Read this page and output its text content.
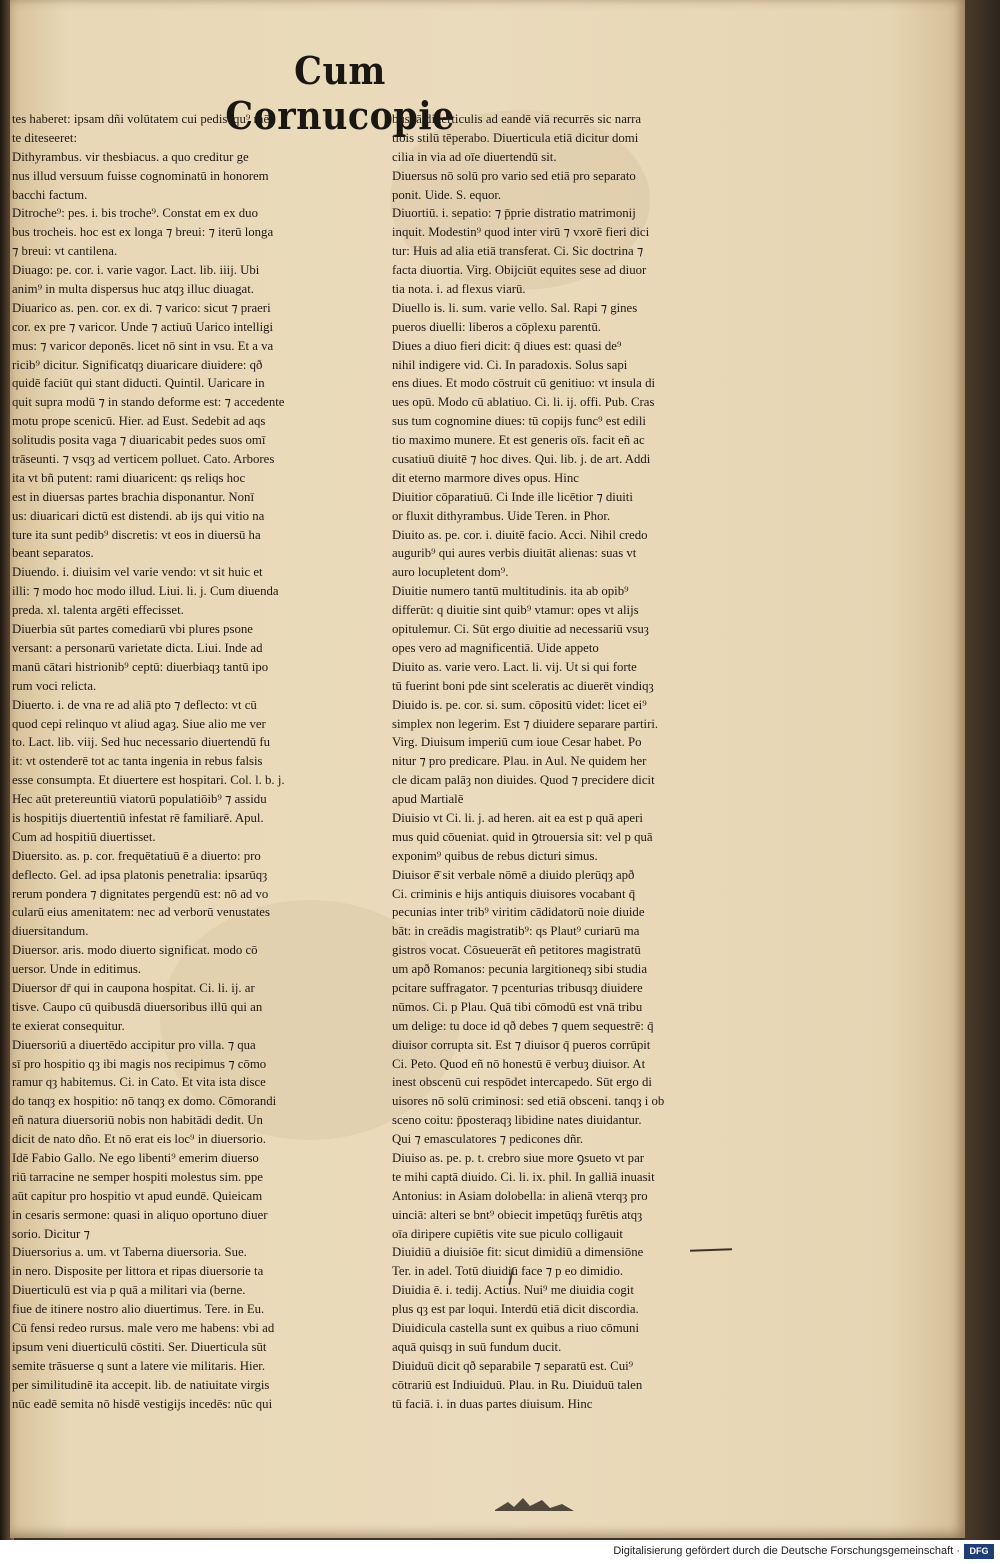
Cum Cornucopie
tes haberet: ipsam dñi volūtatem cui pedisequ⁹ mē
te diteseeret:
Dithyrambus. vir thesbiacus. a quo creditur ge
nus illud versuum fuisse cognominatū in honorem
bacchi factum.
Ditroche⁹: pes. i. bis troche⁹. Constat em ex duo
bus trocheis. hoc est ex longa ⁊ breui: ⁊ iterū longa
⁊ breui: vt cantilena.
Diuago: pe. cor. i. varie vagor. Lact. lib. iiij. Ubi
anim⁹ in multa dispersus huc atqȝ illuc diuagat.
Diuarico as. pen. cor. ex di. ⁊ varico: sicut ⁊ praeri
cor. ex pre ⁊ varicor. Unde ⁊ actiuū Uarico intelligi
mus: ⁊ varicor deponēs. licet nō sint in vsu. Et a va
ricib⁹ dicitur. Significatqȝ diuaricare diuidere: qð
quidē faciūt qui stant diducti. Quintil. Uaricare in
quit supra modū ⁊ in stando deforme est: ⁊ accedente
motu prope scenicū. Hier. ad Eust. Sedebit ad aqs
solitudis posita vaga ⁊ diuaricabit pedes suos omī
trāseunti. ⁊ vsqȝ ad verticem polluet. Cato. Arbores
ita vt bñ putent: rami diuaricent: qs reliqs hoc
est in diuersas partes brachia disponantur. Nonī
us: diuaricari dictū est distendi. ab ijs qui vitio na
ture ita sunt pedib⁹ discretis: vt eos in diuersū ha
beant separatos.
Diuendo. i. diuisim vel varie vendo: vt sit huic et
illi: ⁊ modo hoc modo illud. Liui. li. j. Cum diuenda
preda. xl. talenta argēti effecisset.
Diuerbia sūt partes comediarū vbi plures psone
versant: a personarū varietate dicta. Liui. Inde ad
manū cātari histrionib⁹ ceptū: diuerbiaqȝ tantū ipo
rum voci relicta.
Diuerto. i. de vna re ad aliā pto ⁊ deflecto: vt cū
quod cepi relinquo vt aliud agaȝ. Siue alio me ver
to. Lact. lib. viij. Sed huc necessario diuertendū fu
it: vt ostenderē tot ac tanta ingenia in rebus falsis
esse consumpta. Et diuertere est hospitari. Col. l. b. j.
Hec aūt pretereuntiū viatorū populatiōib⁹ ⁊ assidu
is hospitijs diuertentiū infestat rē familiarē. Apul.
Cum ad hospitiū diuertisset.
Diuersito. as. p. cor. frequētatiuū ē a diuerto: pro
deflecto. Gel. ad ipsa platonis penetralia: ipsarūqȝ
rerum pondera ⁊ dignitates pergendū est: nō ad vo
cularū eius amenitatem: nec ad verborū venustates
diuersitandum.
Diuersor. aris. modo diuerto significat. modo cō
uersor. Unde in editimus.
Diuersor dr̄ qui in caupona hospitat. Ci. li. ij. ar
tisve. Caupo cū quibusdā diuersoribus illū qui an
te exierat consequitur.
Diuersoriū a diuertēdo accipitur pro villa. ⁊ qua
sī pro hospitio qȝ ibi magis nos recipimus ⁊ cōmo
ramur qȝ habitemus. Ci. in Cato. Et vita ista disce
do tanqȝ ex hospitio: nō tanqȝ ex domo. Cōmorandi
eñ natura diuersoriū nobis non habitādi dedit. Un
dicit de nato dño. Et nō erat eis loc⁹ in diuersorio.
Idē Fabio Gallo. Ne ego libenti⁹ emerim diuerso
riū tarracine ne semper hospiti molestus sim. ppe
aūt capitur pro hospitio vt apud eundē. Quieicam
in cesaris sermone: quasi in aliquo oportuno diuer
sorio. Dicitur ⁊
Diuersorius a. um. vt Taberna diuersoria. Sue.
in nero. Disposite per littora et ripas diuersorie ta
Diuerticulū est via p quā a militari via (berne.
fiue de itinere nostro alio diuertimus. Tere. in Eu.
Cū fensi redeo rursus. male vero me habens: vbi ad
ipsum veni diuerticulū cōstiti. Ser. Diuerticula sūt
semite trāsuerse q sunt a latere vie militaris. Hier.
per similitudinē ita accepit. lib. de natiuitate virgis
nūc eadē semita nō hisdē vestigijs incedēs: nūc qui
busdā diuerticulis ad eandē viā recurrēs sic narra
tiōis stilū tēperabo. Diuerticula etiā dicitur domi
cilia in via ad oīe diuertendū sit.
Diuersus nō solū pro vario sed etiā pro separato
ponit. Uide. S. equor.
Diuortiū. i. sepatio: ⁊ p̄prie distratio matrimonij
inquit. Modestin⁹ quod inter virū ⁊ vxorē fieri dici
tur: Huis ad alia etiā transferat. Ci. Sic doctrina ⁊
facta diuortia. Virg. Obijciūt equites sese ad diuor
tia nota. i. ad flexus viarū.
Diuello is. li. sum. varie vello. Sal. Rapi ⁊ gines
pueros diuelli: liberos a cōplexu parentū.
Diues a diuo fieri dicit: q̄ diues est: quasi de⁹
nihil indigere vid. Ci. In paradoxis. Solus sapi
ens diues. Et modo cōstruit cū genitiuo: vt insula di
ues opū. Modo cū ablatiuo. Ci. li. ij. offi. Pub. Cras
sus tum cognomine diues: tū copijs func⁹ est edili
tio maximo munere. Et est generis oīs. facit eñ ac
cusatiuū diuitē ⁊ hoc dives. Qui. lib. j. de art. Addi
dit eterno marmore dives opus. Hinc
Diuitior cōparatiuū. Ci Inde ille licētior ⁊ diuiti
or fluxit dithyrambus. Uide Teren. in Phor.
Diuito as. pe. cor. i. diuitē facio. Acci. Nihil credo
augurib⁹ qui aures verbis diuitāt alienas: suas vt
auro locupletent dom⁹.
Diuitie numero tantū multitudinis. ita ab opib⁹
differūt: q diuitie sint quib⁹ vtamur: opes vt alijs
opitulemur. Ci. Sūt ergo diuitie ad necessariū vsuȝ
opes vero ad magnificentiā. Uide appeto
Diuito as. varie vero. Lact. li. vij. Ut si qui forte
tū fuerint boni pde sint sceleratis ac diuerēt vindiqȝ
Diuido is. pe. cor. si. sum. cōpositū videt: licet ei⁹
simplex non legerim. Est ⁊ diuidere separare partiri.
Virg. Diuisum imperiū cum ioue Cesar habet. Po
nitur ⁊ pro predicare. Plau. in Aul. Ne quidem her
cle dicam palāȝ non diuides. Quod ⁊ precidere dicit
apud Martialē
Diuisio vt Ci. li. j. ad heren. ait ea est p quā aperi
mus quid cōueniat. quid in ꝯtrouersia sit: vel p quā
exponim⁹ quibus de rebus dicturi simus.
Diuisor ē̄ sit verbale nōmē a diuido plerūqȝ apð
Ci. criminis e hijs antiquis diuisores vocabant q̄
pecunias inter trib⁹ viritim cādidatorū noie diuide
bāt: in creādis magistratib⁹: qs Plaut⁹ curiarū ma
gistros vocat. Cōsueuerāt eñ petitores magistratū
um apð Romanos: pecunia largitioneqȝ sibi studia
pcitare suffragator. ⁊ pcenturias tribusqȝ diuidere
nūmos. Ci. p Plau. Quā tibi cōmodū est vnā tribu
um delige: tu doce id qð debes ⁊ quem sequestrē: q̄
diuisor corrupta sit. Est ⁊ diuisor q̄ pueros corrūpit
Ci. Peto. Quod eñ nō honestū ē verbuȝ diuisor. At
inest obscenū cui respōdet intercapedo. Sūt ergo di
uisores nō solū criminosi: sed etiā obsceni. tanqȝ i ob
sceno coitu: p̄posteraqȝ libidine nates diuidantur.
Qui ⁊ emasculatores ⁊ pedicones dñr.
Diuiso as. pe. p. t. crebro siue more ꝯsueto vt par
te mihi captā diuido. Ci. li. ix. phil. In galliā inuasit
Antonius: in Asiam dolobella: in alienā vterqȝ pro
uinciā: alteri se bnt⁹ obiecit impetūqȝ furētis atqȝ
oīa diripere cupiētis vite sue piculo colligauit
Diuidiū a diuisiōe fit: sicut dimidiū a dimensiōne
Ter. in adel. Totū diuidiū face ⁊ p eo dimidio.
Diuidia ē. i. tedij. Actius. Nui⁹ me diuidia cogit
plus qȝ est par loqui. Interdū etiā dicit discordia.
Diuidicula castella sunt ex quibus a riuo cōmuni
aquā quisqȝ in suū fundum ducit.
Diuiduū dicit qð separabile ⁊ separatū est. Cui⁹
cōtrariū est Indiuiduū. Plau. in Ru. Diuiduū talen
tū faciā. i. in duas partes diuisum. Hinc
Digitalisierung gefördert durch die Deutsche Forschungsgemeinschaft ·	DFG
